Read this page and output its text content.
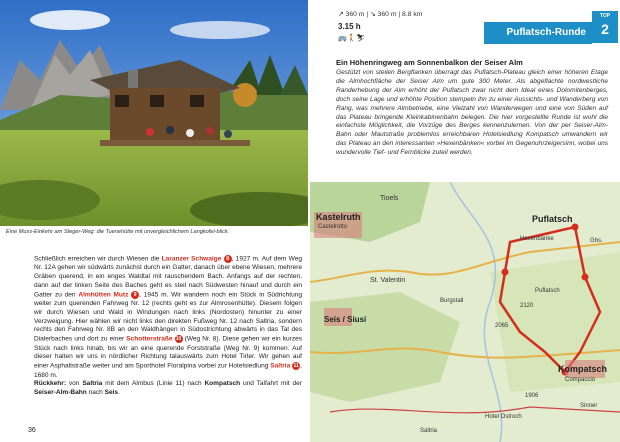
Eine Muss-Einkehr am Steger-Weg: die Tuenehütte mit unvergleichlichem Langkofel-blick.

Schließlich erreichen wir durch Wiesen die Laranzer Schwaige 8 , 1927 m. Auf dem Weg Nr. 12A gehen wir südwärts zunächst durch ein Gatter, danach über ebene Wiesen, mehrere Gräben querend, in ein enges Waldtal mit rauschendem Bach. Anfangs auf der rechten, dann auf der linken Seite des Baches geht es steil nach Südwesten hinauf und durch ein Gatter zu den Almhütten Mutz 9 , 1945 m. Wir wandern noch ein Stück in Südrichtung weiter zum querenden Fahrweg Nr. 12 (rechts geht es zur Almrosenhütte). Diesem folgen wir durch Wiesen und Wald in Windungen nach links (Nordosten) hinunter zu einer Verzweigung. Hier wählen wir nicht links den direkten Fußweg Nr. 12 nach Saltria, sondern rechts den Fahrweg Nr. 8B an den Waldhängen in Südostrichtung abwärts in das Tal des Dialerbaches und dort zu einer Schotterstraße 10 (Weg Nr. 8). Diese gehen wir ein kurzes Stück nach links hinab, bis wir an eine querende Forststraße (Weg Nr. 9) kommen. Auf dieser halten wir uns in nördlicher Richtung talauswärts zum Hotel Tirler. Wir gehen auf einer Asphaltstraße weiter und am Sporthotel Floralpina vorbei zur Hotelsiedlung Saltria 11, 1680 m.
Rückkehr: von Saltria mit dem Almbus (Linie 11) nach Kompatsch und Talfahrt mit der Seiser-Alm-Bahn nach Seis.

36
↗ 360 m | ↘ 360 m | 8.8 km
3.15 h
🚌🚶⛷
Puflatsch-Runde
TOP
2
Ein Höhenringweg am Sonnenbalkon der Seiser Alm
Gestützt von steilen Bergflanken überragt das Puflatsch-Plateau gleich einer höheren Etage die Almhochfläche der Seiser Alm um gute 300 Meter. Als abgeflachte nordwestliche Randerhebung der Alm erhöht der Puflatsch zwar nicht dem Ideal eines Dolomitenberges, doch seine Lage und erhöhte Position stempeln ihn zu einer Aussichts- und Wanderberg von Rang, was mehrere Almbetriebe, eine Vielzahl von Wanderwegen und eine von Süden auf das Plateau bringende Kleinkabinenbahn belegen. Die hier vorgestellte Runde ist wohl die einfachste Möglichkeit, die Vorzüge des Berges kennenzulernen. Von der per Seiser-Alm-Bahn oder Mautstraße problemlos erreichbaren Hotelsiedlung Kompatsch umwandern wir das Plateau an den interessanten »Hexenbänken« vorbei im Gegenuhrzeigersinn, wobei uns wundervolle Tief- und Fernblicke zuteil werden.
Kastelruth
Castelrotto
Seis / Siusi
Puflatsch
Hexenbänke
Kompatsch
Compaccio
Tioels
St. Valentin
Burgstall
Hotel Ostroch
Saltria
Sinner
Puflatsch
2120
2065
1906
Ghs.
